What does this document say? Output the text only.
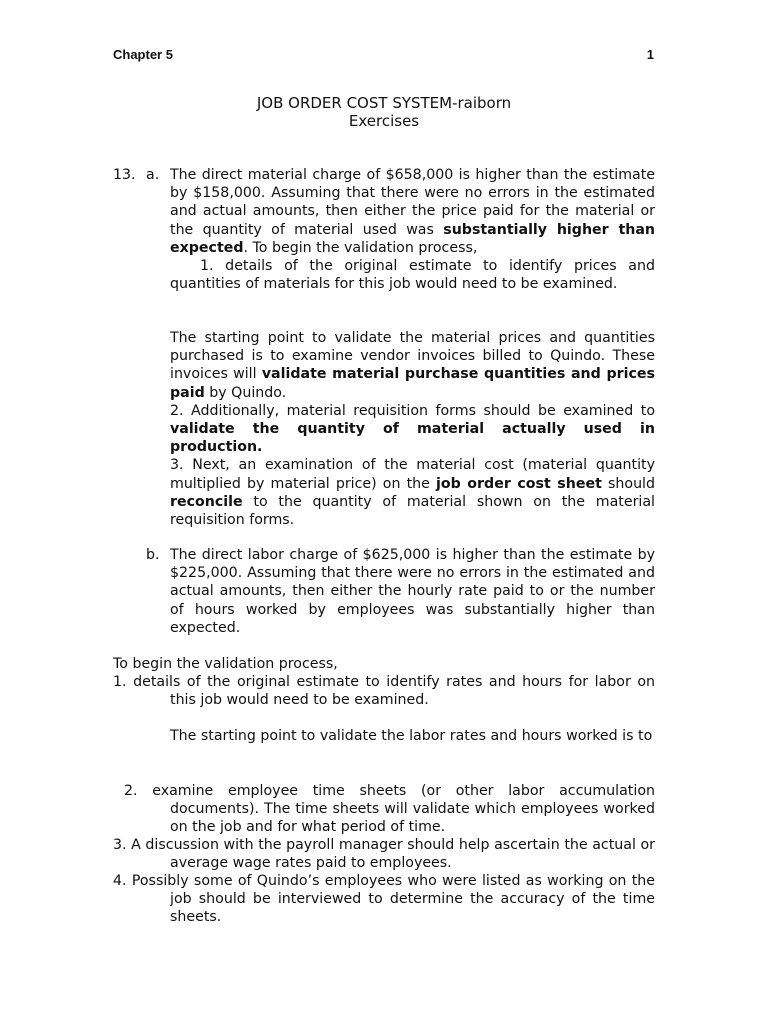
Chapter 5	1
JOB ORDER COST SYSTEM-raiborn
Exercises
13. a. The direct material charge of $658,000 is higher than the estimate by $158,000. Assuming that there were no errors in the estimated and actual amounts, then either the price paid for the material or the quantity of material used was substantially higher than expected. To begin the validation process,

1. details of the original estimate to identify prices and quantities of materials for this job would need to be examined.

The starting point to validate the material prices and quantities purchased is to examine vendor invoices billed to Quindo. These invoices will validate material purchase quantities and prices paid by Quindo.

2. Additionally, material requisition forms should be examined to validate the quantity of material actually used in production.

3. Next, an examination of the material cost (material quantity multiplied by material price) on the job order cost sheet should reconcile to the quantity of material shown on the material requisition forms.

b. The direct labor charge of $625,000 is higher than the estimate by $225,000. Assuming that there were no errors in the estimated and actual amounts, then either the hourly rate paid to or the number of hours worked by employees was substantially higher than expected.
To begin the validation process,
1. details of the original estimate to identify rates and hours for labor on this job would need to be examined.
The starting point to validate the labor rates and hours worked is to
2. examine employee time sheets (or other labor accumulation documents). The time sheets will validate which employees worked on the job and for what period of time.
3. A discussion with the payroll manager should help ascertain the actual or average wage rates paid to employees.
4. Possibly some of Quindo’s employees who were listed as working on the job should be interviewed to determine the accuracy of the time sheets.
